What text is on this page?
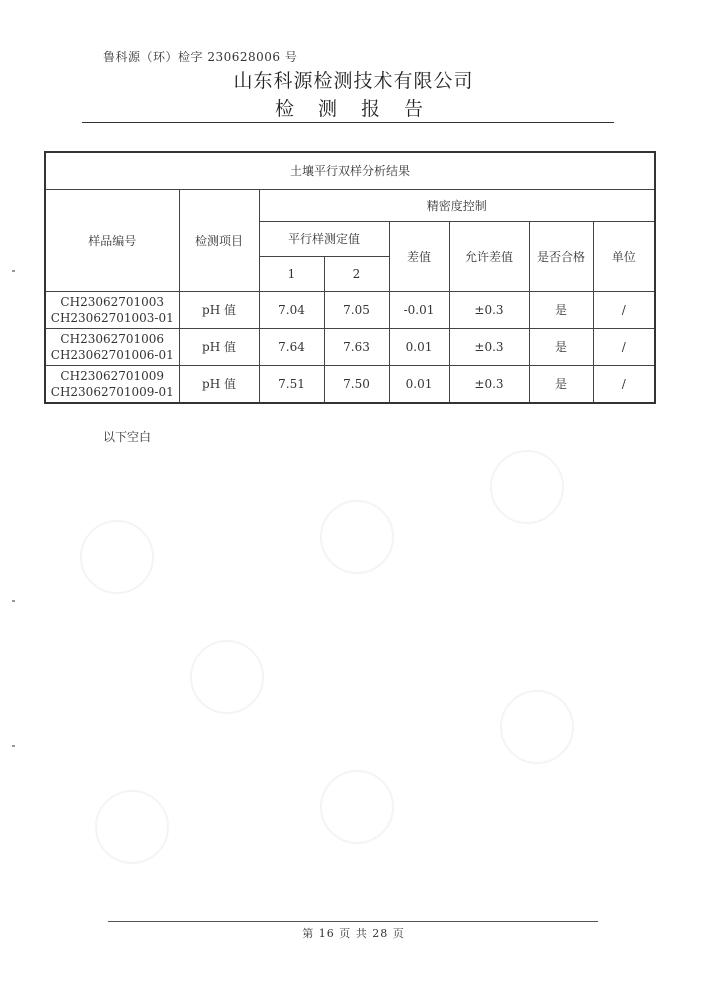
鲁科源（环）检字 230628006 号
山东科源检测技术有限公司
检 测 报 告
土壤平行双样分析结果							
样品编号	检测项目	精密度控制					
		平行样测定值		差值	允许差值	是否合格	单位
		1	2				

CH23062701003
CH23062701003-01	pH 值	7.04	7.05	-0.01	±0.3	是	/

CH23062701006
CH23062701006-01	pH 值	7.64	7.63	0.01	±0.3	是	/

CH23062701009
CH23062701009-01	pH 值	7.51	7.50	0.01	±0.3	是	/
以下空白
第 16 页 共 28 页
